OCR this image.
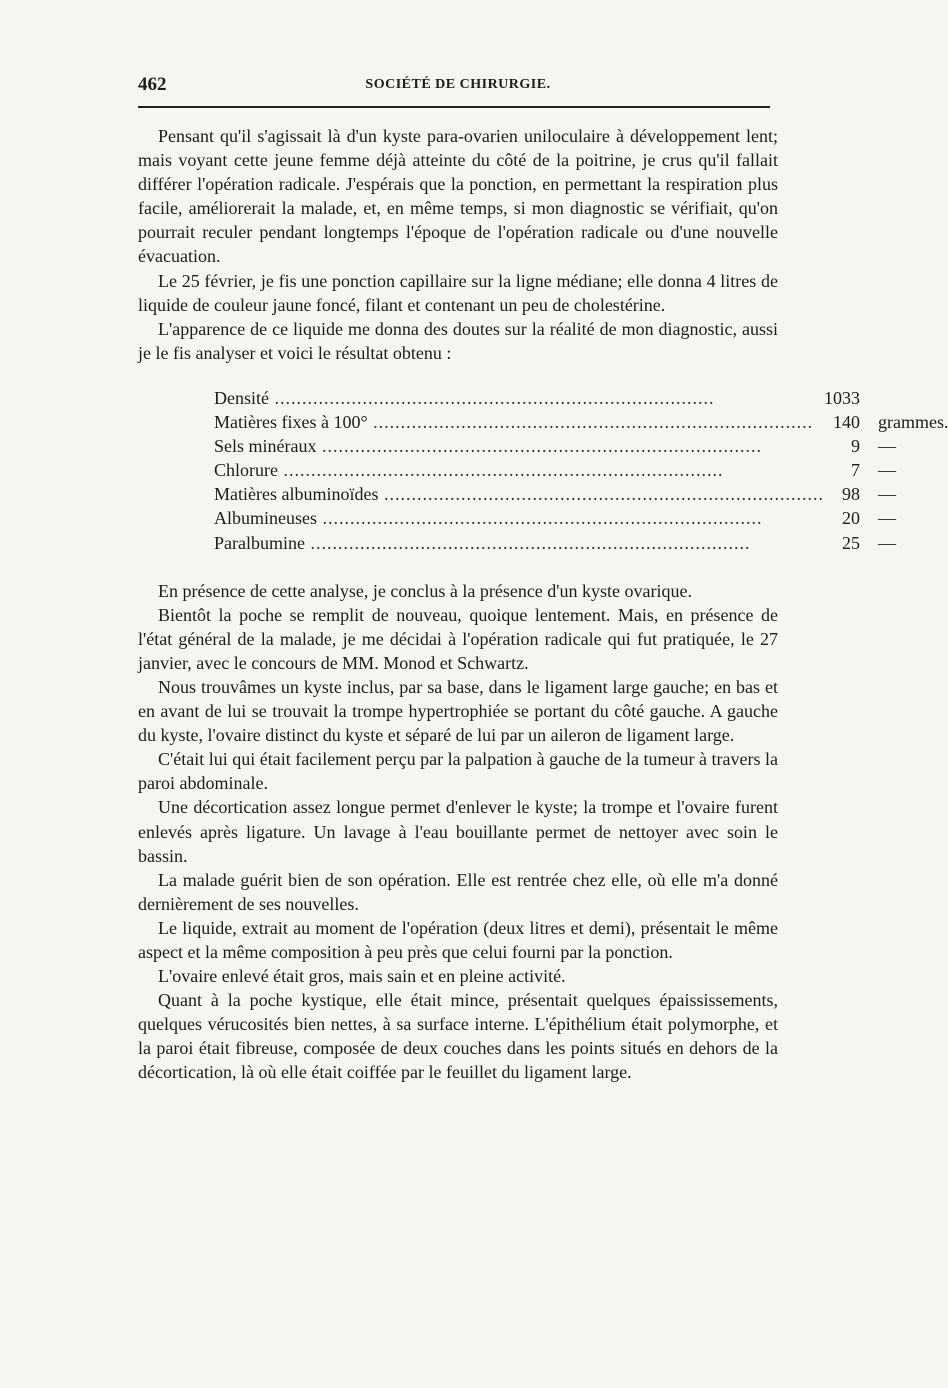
462	SOCIÉTÉ DE CHIRURGIE.

Pensant qu'il s'agissait là d'un kyste para-ovarien uniloculaire à développement lent; mais voyant cette jeune femme déjà atteinte du côté de la poitrine, je crus qu'il fallait différer l'opération radicale. J'espérais que la ponction, en permettant la respiration plus facile, améliorerait la malade, et, en même temps, si mon diagnostic se vérifiait, qu'on pourrait reculer pendant longtemps l'époque de l'opération radicale ou d'une nouvelle évacuation.

Le 25 février, je fis une ponction capillaire sur la ligne médiane; elle donna 4 litres de liquide de couleur jaune foncé, filant et contenant un peu de cholestérine.

L'apparence de ce liquide me donna des doutes sur la réalité de mon diagnostic, aussi je le fis analyser et voici le résultat obtenu :

Densité ................................................................................	1033	
Matières fixes à 100° ................................................................................	140	grammes.
Sels minéraux ................................................................................	9	—
Chlorure ................................................................................	7	—
Matières albuminoïdes ................................................................................	98	—
Albumineuses ................................................................................	20	—
Paralbumine ................................................................................	25	—

En présence de cette analyse, je conclus à la présence d'un kyste ovarique.

Bientôt la poche se remplit de nouveau, quoique lentement. Mais, en présence de l'état général de la malade, je me décidai à l'opération radicale qui fut pratiquée, le 27 janvier, avec le concours de MM. Monod et Schwartz.

Nous trouvâmes un kyste inclus, par sa base, dans le ligament large gauche; en bas et en avant de lui se trouvait la trompe hypertrophiée se portant du côté gauche. A gauche du kyste, l'ovaire distinct du kyste et séparé de lui par un aileron de ligament large.

C'était lui qui était facilement perçu par la palpation à gauche de la tumeur à travers la paroi abdominale.

Une décortication assez longue permet d'enlever le kyste; la trompe et l'ovaire furent enlevés après ligature. Un lavage à l'eau bouillante permet de nettoyer avec soin le bassin.

La malade guérit bien de son opération. Elle est rentrée chez elle, où elle m'a donné dernièrement de ses nouvelles.

Le liquide, extrait au moment de l'opération (deux litres et demi), présentait le même aspect et la même composition à peu près que celui fourni par la ponction.

L'ovaire enlevé était gros, mais sain et en pleine activité.

Quant à la poche kystique, elle était mince, présentait quelques épaississements, quelques vérucosités bien nettes, à sa surface interne. L'épithélium était polymorphe, et la paroi était fibreuse, composée de deux couches dans les points situés en dehors de la décortication, là où elle était coiffée par le feuillet du ligament large.
